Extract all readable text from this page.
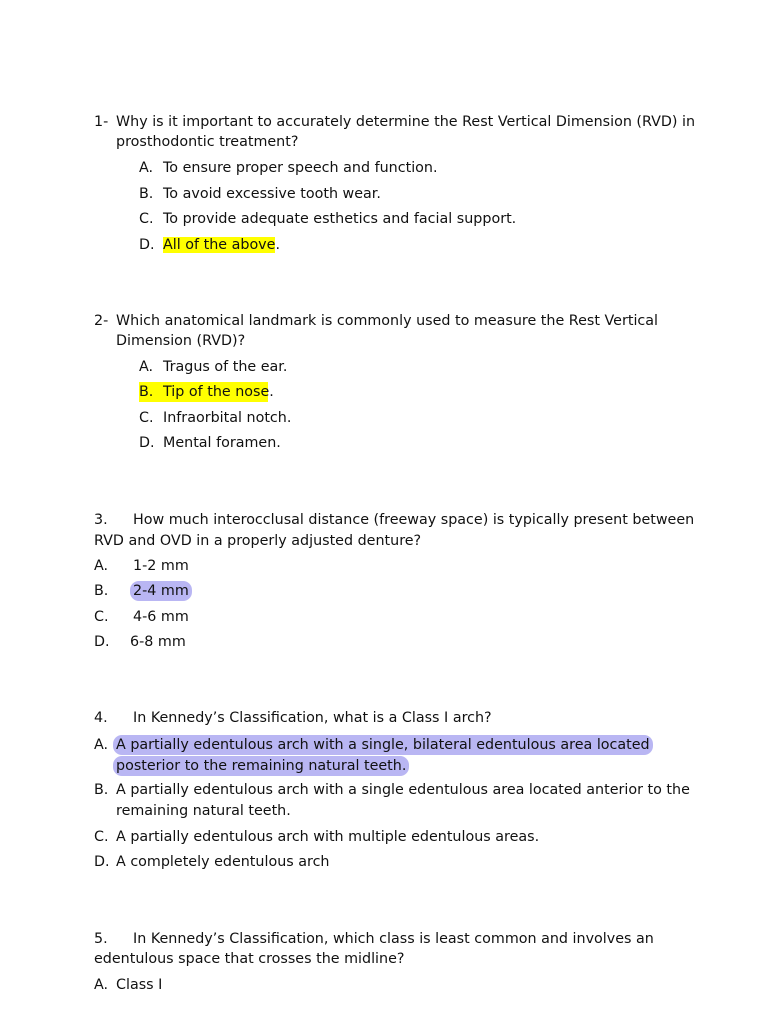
1- Why is it important to accurately determine the Rest Vertical Dimension (RVD) in
prosthodontic treatment?
A. To ensure proper speech and function.
B. To avoid excessive tooth wear.
C. To provide adequate esthetics and facial support.
D. All of the above.
2- Which anatomical landmark is commonly used to measure the Rest Vertical
Dimension (RVD)?
A. Tragus of the ear.
B. Tip of the nose.
C. Infraorbital notch.
D. Mental foramen.
3. How much interocclusal distance (freeway space) is typically present between
RVD and OVD in a properly adjusted denture?
A. 1-2 mm
B. 2-4 mm
C. 4-6 mm
D. 6-8 mm
4. In Kennedy’s Classification, what is a Class I arch?
A. A partially edentulous arch with a single, bilateral edentulous area located
posterior to the remaining natural teeth.
B. A partially edentulous arch with a single edentulous area located anterior to the
remaining natural teeth.
C. A partially edentulous arch with multiple edentulous areas.
D. A completely edentulous arch
5. In Kennedy’s Classification, which class is least common and involves an
edentulous space that crosses the midline?
A. Class I
